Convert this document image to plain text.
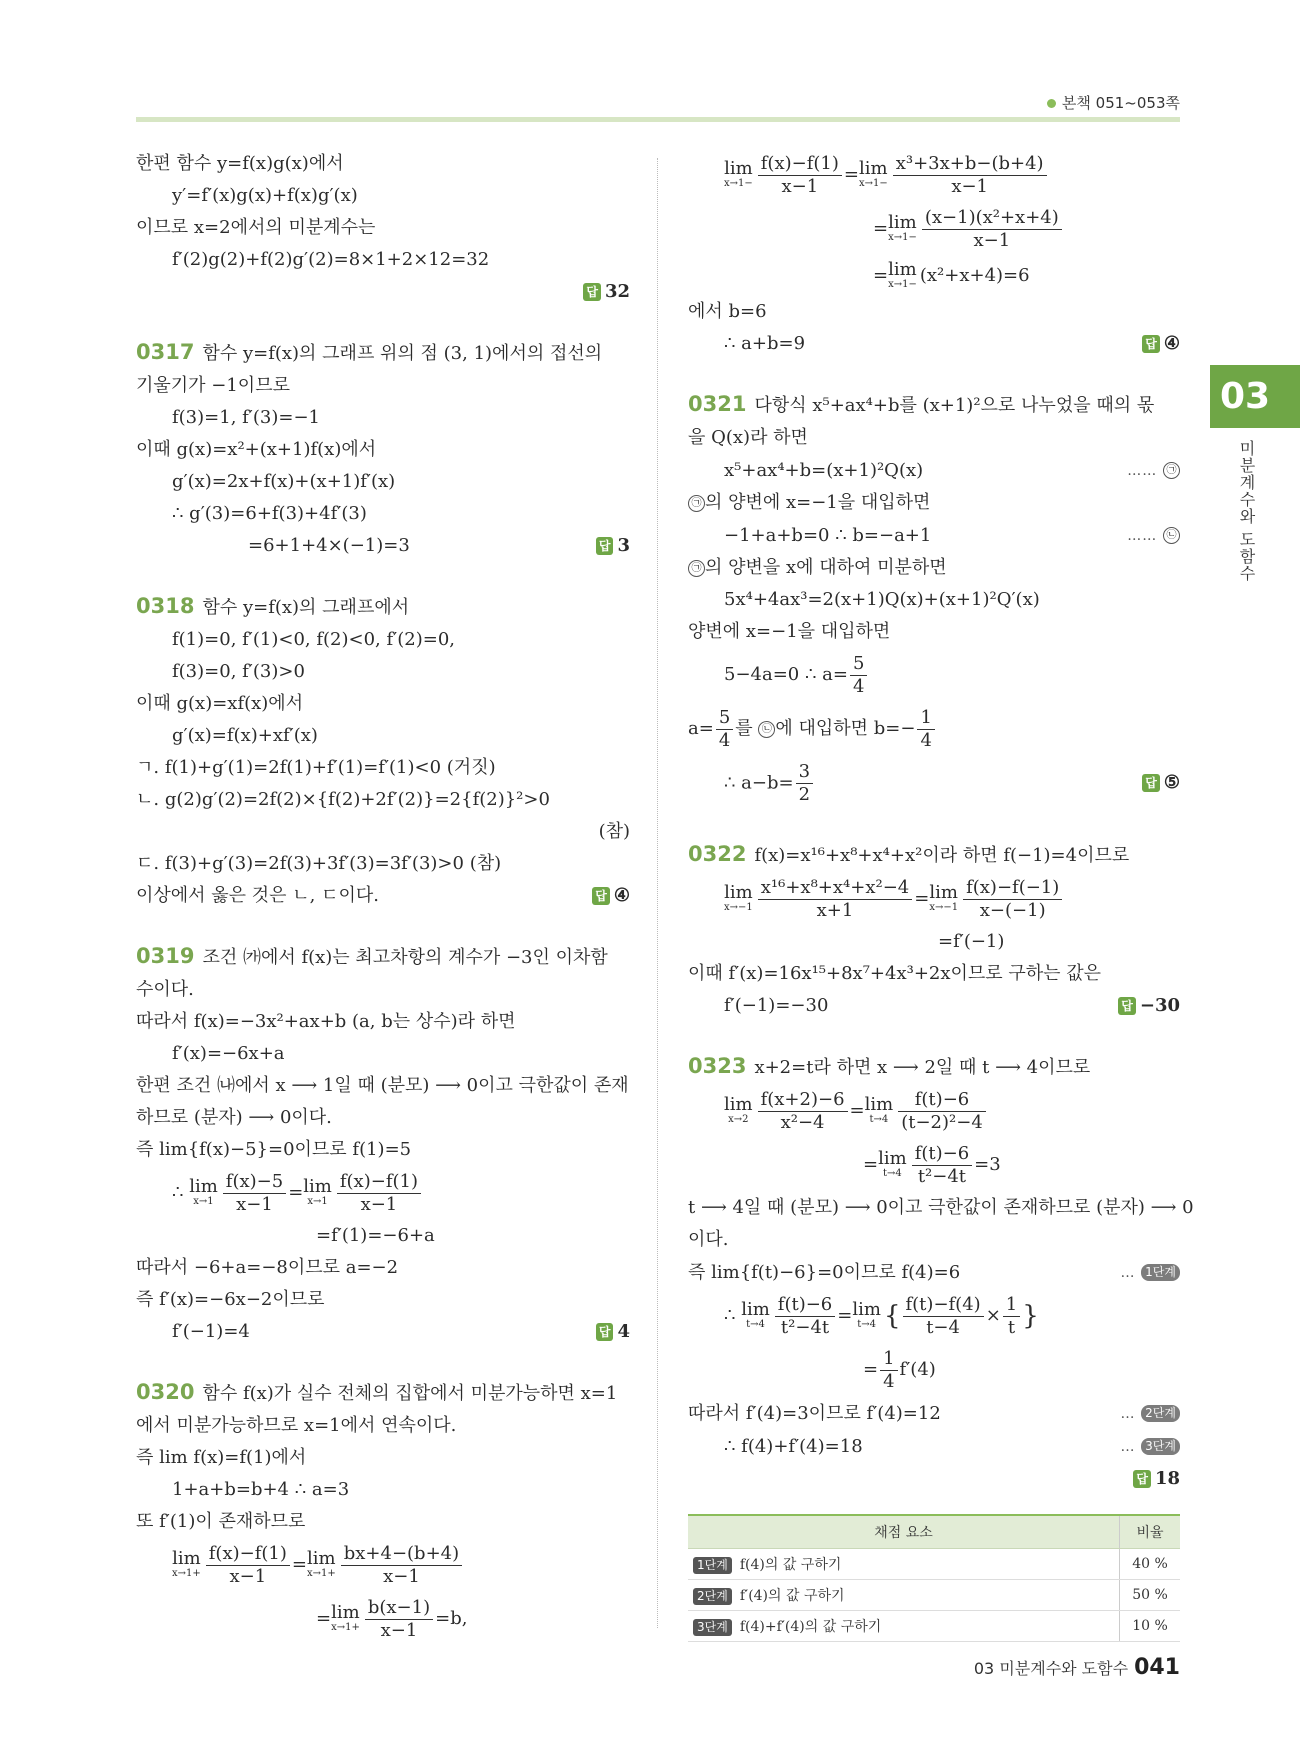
본책 051~053쪽
한편 함수 y=f(x)g(x)에서
y′=f′(x)g(x)+f(x)g′(x)
이므로 x=2에서의 미분계수는
f′(2)g(2)+f(2)g′(2)=8×1+2×12=32
답 32
0317 함수 y=f(x)의 그래프 위의 점 (3, 1)에서의 접선의
기울기가 −1이므로
f(3)=1, f′(3)=−1
이때 g(x)=x²+(x+1)f(x)에서
g′(x)=2x+f(x)+(x+1)f′(x)
∴ g′(3)=6+f(3)+4f′(3)
=6+1+4×(−1)=3	답 3
0318 함수 y=f(x)의 그래프에서
f(1)=0, f′(1)<0, f(2)<0, f′(2)=0,
f(3)=0, f′(3)>0
이때 g(x)=xf(x)에서
g′(x)=f(x)+xf′(x)
ㄱ. f(1)+g′(1)=2f(1)+f′(1)=f′(1)<0 (거짓)
ㄴ. g(2)g′(2)=2f(2)×{f(2)+2f′(2)}=2{f(2)}²>0
(참)
ㄷ. f(3)+g′(3)=2f(3)+3f′(3)=3f′(3)>0 (참)
이상에서 옳은 것은 ㄴ, ㄷ이다.	답 ④
0319 조건 ㈎에서 f(x)는 최고차항의 계수가 −3인 이차함
수이다.
따라서 f(x)=−3x²+ax+b (a, b는 상수)라 하면
f′(x)=−6x+a
한편 조건 ㈏에서 x ⟶ 1일 때 (분모) ⟶ 0이고 극한값이 존재
하므로 (분자) ⟶ 0이다.
즉 lim{f(x)−5}=0이므로 f(1)=5
∴
lim
$x\to 1 \frac{f(x)-5}{x-1} = \lim$
$x\to 1 \frac{f(x)-f(1)}{x-1}$
=f′(1)=−6+a
따라서 −6+a=−8이므로 a=−2
즉 f′(x)=−6x−2이므로
f′(−1)=4	답 4
0320 함수 f(x)가 실수 전체의 집합에서 미분가능하면 x=1
에서 미분가능하므로 x=1에서 연속이다.
즉 lim f(x)=f(1)에서
1+a+b=b+4 ∴ a=3
또 f′(1)이 존재하므로
lim
$x\to 1+ \frac{f(x)-f(1)}{x-1} = \lim$
$x\to 1+ \frac{bx+4-(b+4)}{x-1}$
= lim
$x\to 1+ \frac{b(x-1)}{x-1} =b$,
lim
$x\to 1- \frac{f(x)-f(1)}{x-1} = \lim$
$x\to 1- \frac{\text{x³+3x+b−(b+4)}}{x-1}$
= lim
$x\to 1- \frac{\text{(x−1)(x²+x+4)}}{x-1}$
= lim
x→1− (x²+x+4)=6
에서 b=6
∴ a+b=9	답 ④
0321 다항식 x⁵+ax⁴+b를 (x+1)²으로 나누었을 때의 몫
을 Q(x)라 하면
x⁵+ax⁴+b=(x+1)²Q(x)	…… ㉠
㉠ 의 양변에 x=−1을 대입하면
−1+a+b=0 ∴ b=−a+1	…… ㉡
㉠ 의 양변을 x에 대하여 미분하면
5x⁴+4ax³=2(x+1)Q(x)+(x+1)²Q′(x)
양변에 x=−1을 대입하면
5−4a=0 ∴ $a= \frac{5}{4}$
$a= \frac{5}{4}$ 를
㉡ 에 대입하면 $b=- \frac{1}{4}$
∴ $a-b= \frac{3}{2}$	답 ⑤
0322 f(x)=x¹⁶+x⁸+x⁴+x²이라 하면 f(−1)=4이므로
lim
$x\to-1 \frac{\text{x¹⁶+x⁸+x⁴+x²−4}}{x+1} = \lim$
$x\to-1 \frac{f(x)-f(-1)}{x-(-1)}$
=f′(−1)
이때 f′(x)=16x¹⁵+8x⁷+4x³+2x이므로 구하는 값은
f′(−1)=−30	답 −30
0323 x+2=t라 하면 x ⟶ 2일 때 t ⟶ 4이므로
lim
$x\to 2 \frac{f(x+2)-6}{\text{x²−4}} = \lim$
$t\to 4 \frac{f(t)-6}{\text{(t−2)²−4}}$
= lim
$t\to 4 \frac{f(t)-6}{\text{t²−4t}} =3$
t ⟶ 4일 때 (분모) ⟶ 0이고 극한값이 존재하므로 (분자) ⟶ 0
이다.
즉 lim{f(t)−6}=0이므로 f(4)=6	… 1단계
∴ lim
$t\to 4 \frac{f(t)-6}{\text{t²−4t}} = \lim$
t→4 { $\frac{f(t)-f(4)}{t-4} \times \frac{1}{t}$ }
= $\frac{1}{4} f'(4)$
따라서 f′(4)=3이므로 f′(4)=12	… 2단계
∴ f(4)+f′(4)=18	… 3단계
답 18
채점 요소	비율
1단계 f(4)의 값 구하기	40 %
2단계 f′(4)의 값 구하기	50 %
3단계 f(4)+f′(4)의 값 구하기	10 %
03
미분계수와 도함수
03 미분계수와 도함수 041
